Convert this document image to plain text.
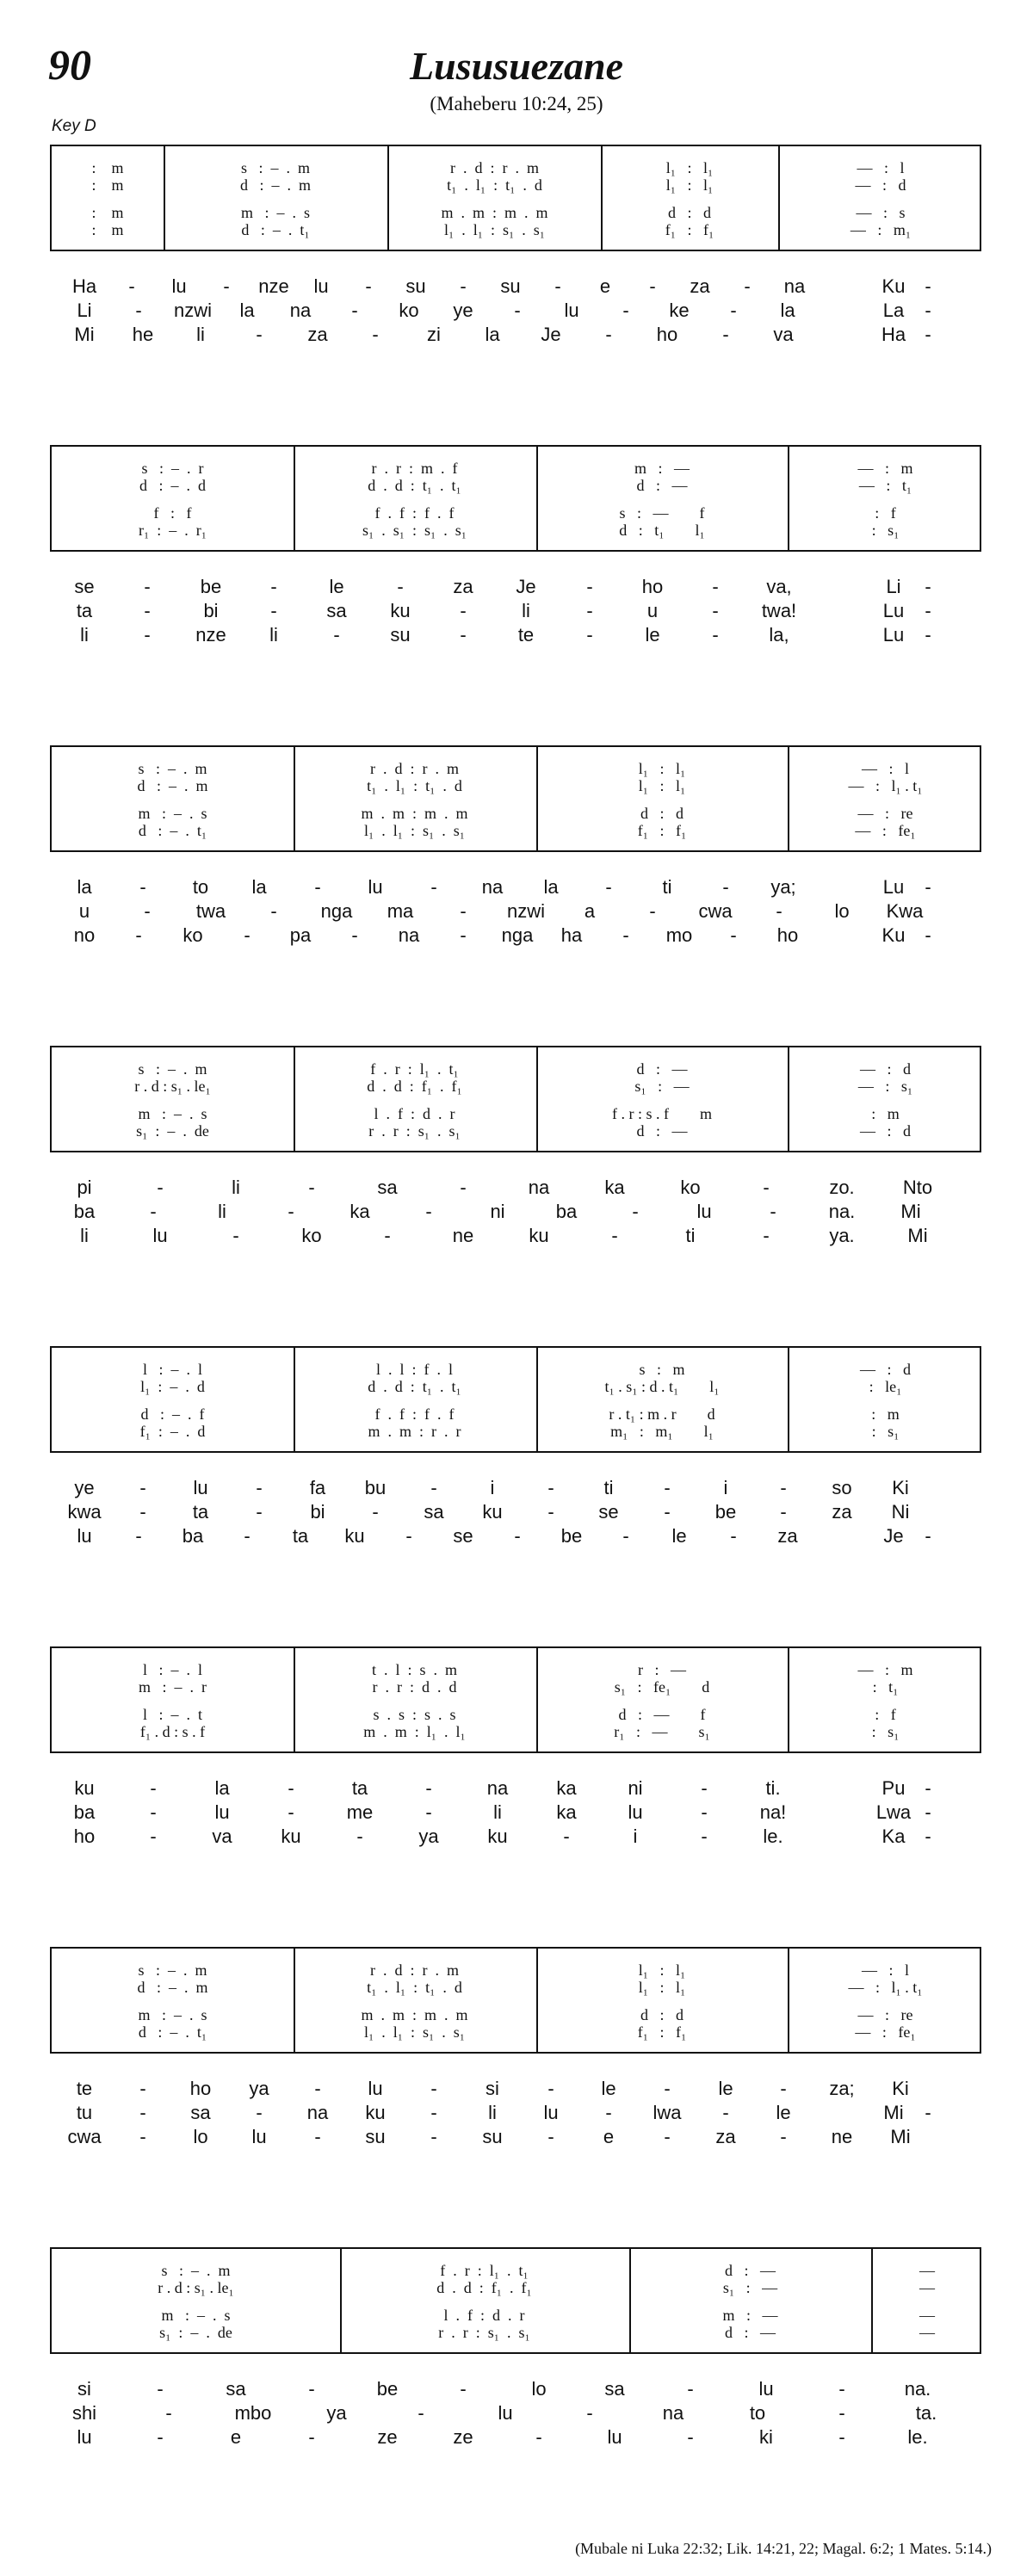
90	Lususuezane
(Maheberu 10:24, 25)
Key D
:    m	s   :  –  .  m	r  .  d  :  r  .  m	l₁   :   l₁	—   :   l
:    m	d   :  –  .  m	t₁  .  l₁  :  t₁  .  d	l₁   :   l₁	—   :   d
:    m	m   :  –  .  s	m  .  m  :  m  .  m	d   :   d	—   :   s
:    m	d   :  –  .  t₁	l₁  .  l₁  :  s₁  .  s₁	f₁   :   f₁	—   :   m₁
Ha	-	lu	-	nze	lu	-	su	-	su	-	e	-	za	-	na	Ku	-
Li	-	nzwi	la	na	-	ko	ye	-	lu	-	ke	-	la	La	-
Mi	he	li	-	za	-	zi	la	Je	-	ho	-	va	Ha	-
s   :  –  .  r	r  .  r  :  m  .  f	m   :   —	—   :   m
d   :  –  .  d	d  .  d  :  t₁  .  t₁	d   :   —	—   :   t₁
f   :   f	f  .  f  :  f  .  f	s   :   —        f	:   f
r₁  :  –  .  r₁	s₁  .  s₁  :  s₁  .  s₁	d   :   t₁        l₁	:   s₁
se	-	be	-	le	-	za	Je	-	ho	-	va,	Li	-
ta	-	bi	-	sa	ku	-	li	-	u	-	twa!	Lu	-
li	-	nze	li	-	su	-	te	-	le	-	la,	Lu	-
s   :  –  .  m	r  .  d  :  r  .  m	l₁   :   l₁	—   :   l
d   :  –  .  m	t₁  .  l₁  :  t₁  .  d	l₁   :   l₁	—   :   l₁ . t₁
m   :  –  .  s	m  .  m  :  m  .  m	d   :   d	—   :   re
d   :  –  .  t₁	l₁  .  l₁  :  s₁  .  s₁	f₁   :   f₁	—   :   fe₁
la	-	to	la	-	lu	-	na	la	-	ti	-	ya;	Lu	-
u	-	twa	-	nga	ma	-	nzwi	a	-	cwa	-	lo	Kwa
no	-	ko	-	pa	-	na	-	nga	ha	-	mo	-	ho	Ku	-
s   :  –  .  m	f  .  r  :  l₁  .  t₁	d   :   —	—   :   d
r . d : s₁ . le₁	d  .  d  :  f₁  .  f₁	s₁   :   —	—   :   s₁
m   :  –  .  s	l  .  f  :  d  .  r	f . r : s . f        m	:   m
s₁  :  –  .  de	r  .  r  :  s₁  .  s₁	d   :   —	—   :   d
pi	-	li	-	sa	-	na	ka	ko	-	zo.	Nto
ba	-	li	-	ka	-	ni	ba	-	lu	-	na.	Mi
li	lu	-	ko	-	ne	ku	-	ti	-	ya.	Mi
l   :  –  .  l	l  .  l  :  f  .  l	s   :   m	—   :   d
l₁  :  –  .  d	d  .  d  :  t₁  .  t₁	t₁ . s₁ : d . t₁        l₁	:   le₁
d   :  –  .  f	f  .  f  :  f  .  f	r . t₁ : m . r        d	:   m
f₁  :  –  .  d	m  .  m  :  r  .  r	m₁   :   m₁        l₁	:   s₁
ye	-	lu	-	fa	bu	-	i	-	ti	-	i	-	so	Ki
kwa	-	ta	-	bi	-	sa	ku	-	se	-	be	-	za	Ni
lu	-	ba	-	ta	ku	-	se	-	be	-	le	-	za	Je	-
l   :  –  .  l	t  .  l  :  s  .  m	r   :   —	—   :   m
m   :  –  .  r	r  .  r  :  d  .  d	s₁   :   fe₁        d	:   t₁
l   :  –  .  t	s  .  s  :  s  .  s	d   :   —        f	:   f
f₁ . d : s . f	m  .  m  :  l₁  .  l₁	r₁   :   —        s₁	:   s₁
ku	-	la	-	ta	-	na	ka	ni	-	ti.	Pu	-
ba	-	lu	-	me	-	li	ka	lu	-	na!	Lwa -
ho	-	va	ku	-	ya	ku	-	i	-	le.	Ka	-
s   :  –  .  m	r  .  d  :  r  .  m	l₁   :   l₁	—   :   l
d   :  –  .  m	t₁  .  l₁  :  t₁  .  d	l₁   :   l₁	—   :   l₁ . t₁
m   :  –  .  s	m  .  m  :  m  .  m	d   :   d	—   :   re
d   :  –  .  t₁	l₁  .  l₁  :  s₁  .  s₁	f₁   :   f₁	—   :   fe₁
te	-	ho	ya	-	lu	-	si	-	le	-	le	-	za;	Ki
tu	-	sa	-	na	ku	-	li	lu	-	lwa	-	le	Mi	-
cwa	-	lo	lu	-	su	-	su	-	e	-	za	-	ne	Mi
s   :  –  .  m	f  .  r  :  l₁  .  t₁	d   :   —	—
r . d : s₁ . le₁	d  .  d  :  f₁  .  f₁	s₁   :   —	—
m   :  –  .  s	l  .  f  :  d  .  r	m   :   —	—
s₁  :  –  .  de	r  .  r  :  s₁  .  s₁	d   :   —	—
si	-	sa	-	be	-	lo	sa	-	lu	-	na.
shi	-	mbo	ya	-	lu	-	na	to	-	ta.
lu	-	e	-	ze	ze	-	lu	-	ki	-	le.
(Mubale ni Luka 22:32; Lik. 14:21, 22; Magal. 6:2; 1 Mates. 5:14.)
